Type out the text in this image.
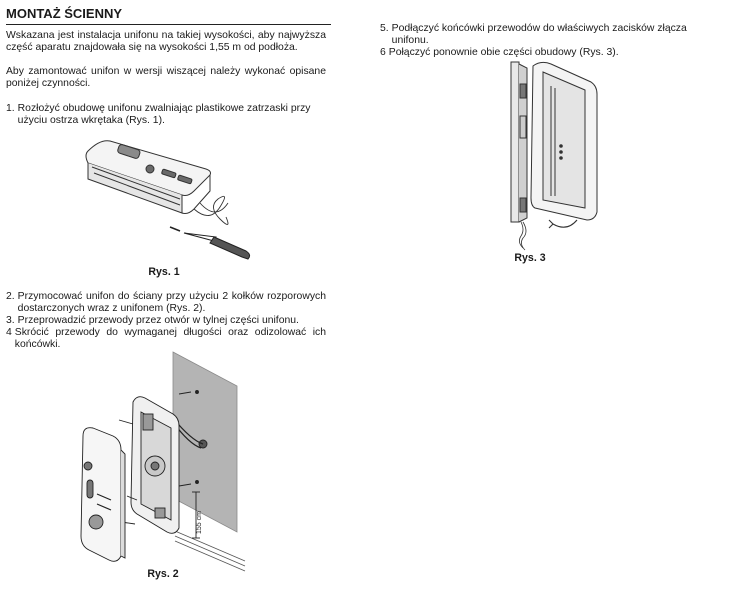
MONTAŻ ŚCIENNY

Wskazana jest instalacja unifonu na takiej wysokości, aby najwyższa część aparatu znajdowała się na wysokości 1,55 m od podłoża.

Aby zamontować unifon w wersji wiszącej należy wykonać opisane poniżej czynności.

1. Rozłożyć obudowę unifonu zwalniając plastikowe zatrzaski przy użyciu ostrza wkrętaka (Rys. 1).
Rys. 1
2. Przymocować unifon do ściany przy użyciu 2 kołków rozporowych dostarczonych wraz z unifonem (Rys. 2).
3. Przeprowadzić przewody przez otwór w tylnej części unifonu.
4 Skrócić przewody do wymaganej długości oraz odizolować ich końcówki.
155 cm
Rys. 2
5. Podłączyć końcówki przewodów do właściwych zacisków złącza unifonu.
6 Połączyć ponownie obie części obudowy (Rys. 3).
Rys. 3
